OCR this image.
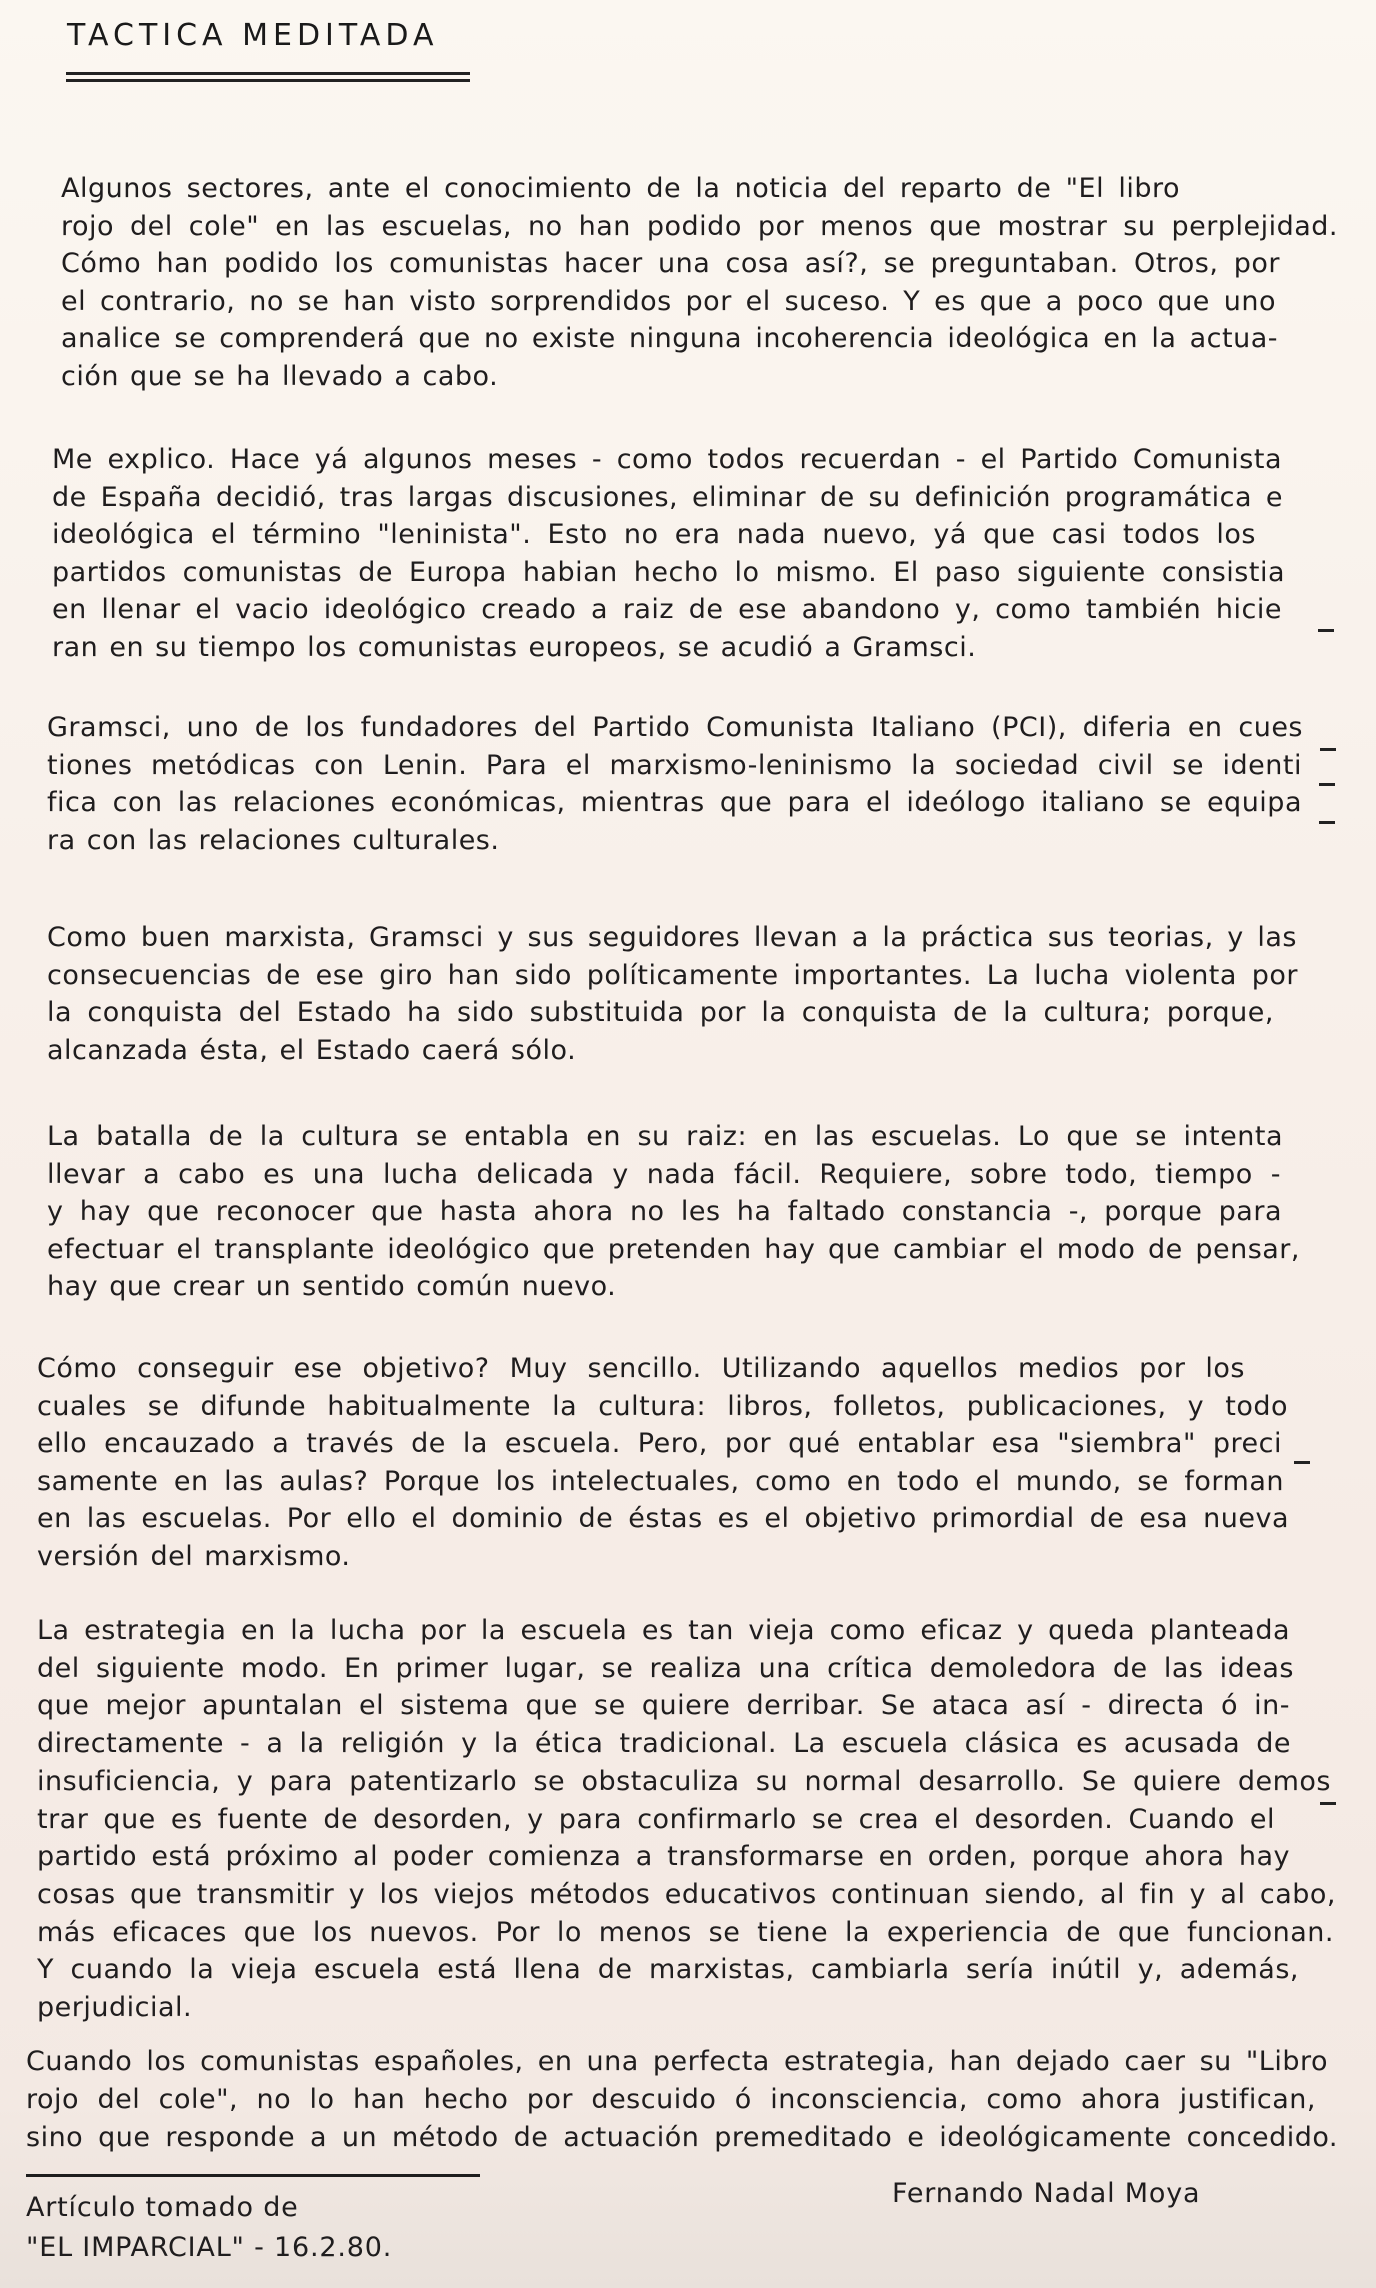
TACTICA MEDITADA
Algunos sectores, ante el conocimiento de la noticia del reparto de "El libro
rojo del cole" en las escuelas, no han podido por menos que mostrar su perplejidad.
Cómo han podido los comunistas hacer una cosa así?, se preguntaban. Otros, por
el contrario, no se han visto sorprendidos por el suceso. Y es que a poco que uno
analice se comprenderá que no existe ninguna incoherencia ideológica en la actua-
ción que se ha llevado a cabo.
Me explico. Hace yá algunos meses - como todos recuerdan - el Partido Comunista
de España decidió, tras largas discusiones, eliminar de su definición programática e
ideológica el término "leninista". Esto no era nada nuevo, yá que casi todos los
partidos comunistas de Europa habian hecho lo mismo. El paso siguiente consistia
en llenar el vacio ideológico creado a raiz de ese abandono y, como también hicie
ran en su tiempo los comunistas europeos, se acudió a Gramsci.
Gramsci, uno de los fundadores del Partido Comunista Italiano (PCI), diferia en cues
tiones metódicas con Lenin. Para el marxismo-leninismo la sociedad civil se identi
fica con las relaciones económicas, mientras que para el ideólogo italiano se equipa
ra con las relaciones culturales.
Como buen marxista, Gramsci y sus seguidores llevan a la práctica sus teorias, y las
consecuencias de ese giro han sido políticamente importantes. La lucha violenta por
la conquista del Estado ha sido substituida por la conquista de la cultura; porque,
alcanzada ésta, el Estado caerá sólo.
La batalla de la cultura se entabla en su raiz: en las escuelas. Lo que se intenta
llevar a cabo es una lucha delicada y nada fácil. Requiere, sobre todo, tiempo -
y hay que reconocer que hasta ahora no les ha faltado constancia -, porque para
efectuar el transplante ideológico que pretenden hay que cambiar el modo de pensar,
hay que crear un sentido común nuevo.
Cómo conseguir ese objetivo? Muy sencillo. Utilizando aquellos medios por los
cuales se difunde habitualmente la cultura: libros, folletos, publicaciones, y todo
ello encauzado a través de la escuela. Pero, por qué entablar esa "siembra" preci
samente en las aulas? Porque los intelectuales, como en todo el mundo, se forman
en las escuelas. Por ello el dominio de éstas es el objetivo primordial de esa nueva
versión del marxismo.
La estrategia en la lucha por la escuela es tan vieja como eficaz y queda planteada
del siguiente modo. En primer lugar, se realiza una crítica demoledora de las ideas
que mejor apuntalan el sistema que se quiere derribar. Se ataca así - directa ó in-
directamente - a la religión y la ética tradicional. La escuela clásica es acusada de
insuficiencia, y para patentizarlo se obstaculiza su normal desarrollo. Se quiere demos
trar que es fuente de desorden, y para confirmarlo se crea el desorden. Cuando el
partido está próximo al poder comienza a transformarse en orden, porque ahora hay
cosas que transmitir y los viejos métodos educativos continuan siendo, al fin y al cabo,
más eficaces que los nuevos. Por lo menos se tiene la experiencia de que funcionan.
Y cuando la vieja escuela está llena de marxistas, cambiarla sería inútil y, además,
perjudicial.
Cuando los comunistas españoles, en una perfecta estrategia, han dejado caer su "Libro
rojo del cole", no lo han hecho por descuido ó inconsciencia, como ahora justifican,
sino que responde a un método de actuación premeditado e ideológicamente concedido.
Artículo tomado de
"EL IMPARCIAL" - 16.2.80.
Fernando Nadal Moya
